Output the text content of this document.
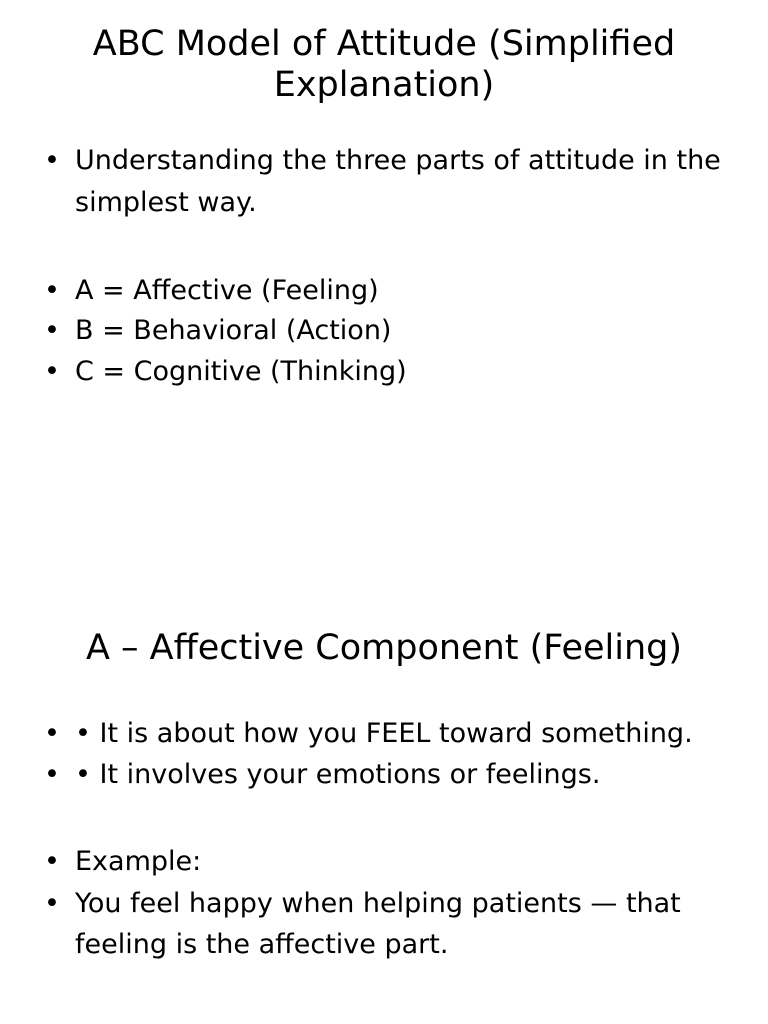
ABC Model of Attitude (Simplified Explanation)
• Understanding the three parts of attitude in the simplest way.
• A = Affective (Feeling)
• B = Behavioral (Action)
• C = Cognitive (Thinking)
A – Affective Component (Feeling)
• • It is about how you FEEL toward something.
• • It involves your emotions or feelings.
• Example:
• You feel happy when helping patients — that feeling is the affective part.
